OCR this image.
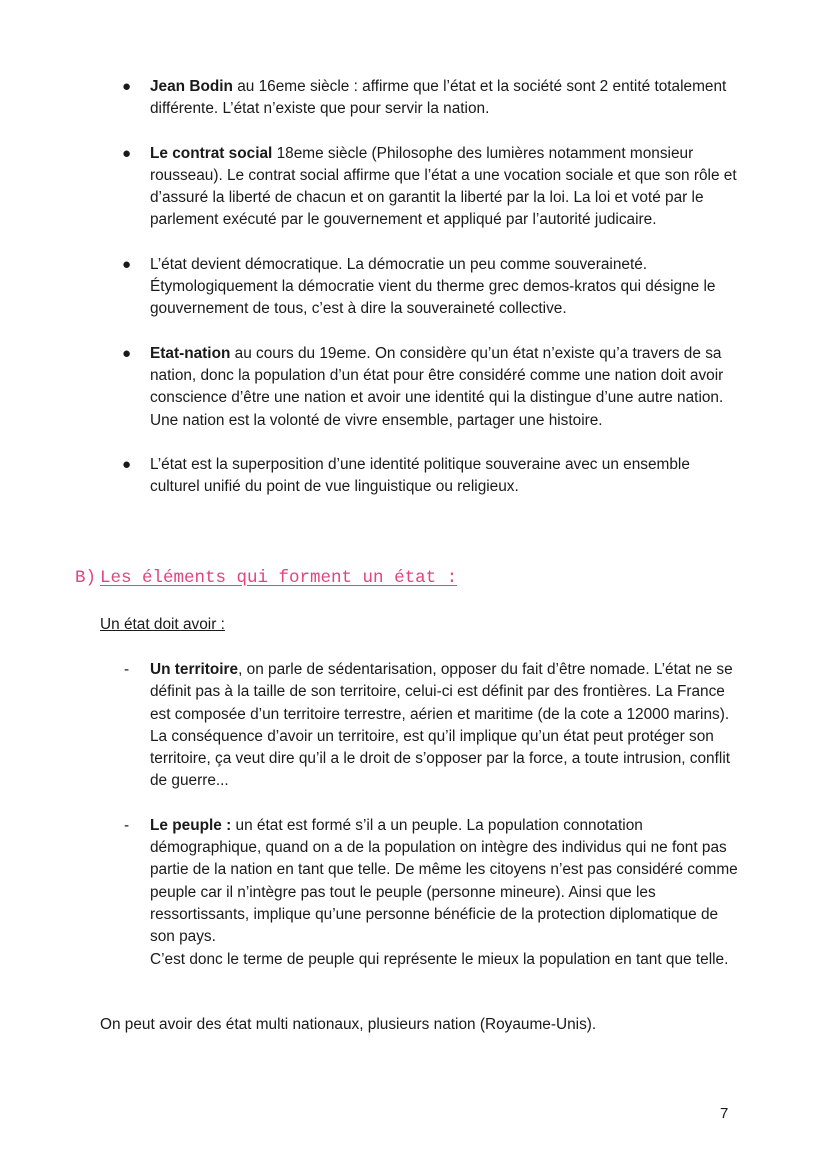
● Jean Bodin au 16eme siècle : affirme que l’état et la société sont 2 entité totalement différente. L’état n’existe que pour servir la nation.
● Le contrat social 18eme siècle (Philosophe des lumières notamment monsieur rousseau). Le contrat social affirme que l’état a une vocation sociale et que son rôle et d’assuré la liberté de chacun et on garantit la liberté par la loi. La loi et voté par le parlement exécuté par le gouvernement et appliqué par l’autorité judicaire.
● L’état devient démocratique. La démocratie un peu comme souveraineté. Étymologiquement la démocratie vient du therme grec demos-kratos qui désigne le gouvernement de tous, c’est à dire la souveraineté collective.
● Etat-nation au cours du 19eme. On considère qu’un état n’existe qu’a travers de sa nation, donc la population d’un état pour être considéré comme une nation doit avoir conscience d’être une nation et avoir une identité qui la distingue d’une autre nation. Une nation est la volonté de vivre ensemble, partager une histoire.
● L’état est la superposition d’une identité politique souveraine avec un ensemble culturel unifié du point de vue linguistique ou religieux.
B) Les éléments qui forment un état :
Un état doit avoir :
- Un territoire, on parle de sédentarisation, opposer du fait d’être nomade. L’état ne se définit pas à la taille de son territoire, celui-ci est définit par des frontières. La France est composée d’un territoire terrestre, aérien et maritime (de la cote a 12000 marins).

La conséquence d’avoir un territoire, est qu’il implique qu’un état peut protéger son territoire, ça veut dire qu’il a le droit de s’opposer par la force, a toute intrusion, conflit de guerre...

- Le peuple : un état est formé s’il a un peuple. La population connotation démographique, quand on a de la population on intègre des individus qui ne font pas partie de la nation en tant que telle. De même les citoyens n’est pas considéré comme peuple car il n’intègre pas tout le peuple (personne mineure). Ainsi que les ressortissants, implique qu’une personne bénéficie de la protection diplomatique de son pays.

C’est donc le terme de peuple qui représente le mieux la population en tant que telle.

On peut avoir des état multi nationaux, plusieurs nation (Royaume-Unis).
7
